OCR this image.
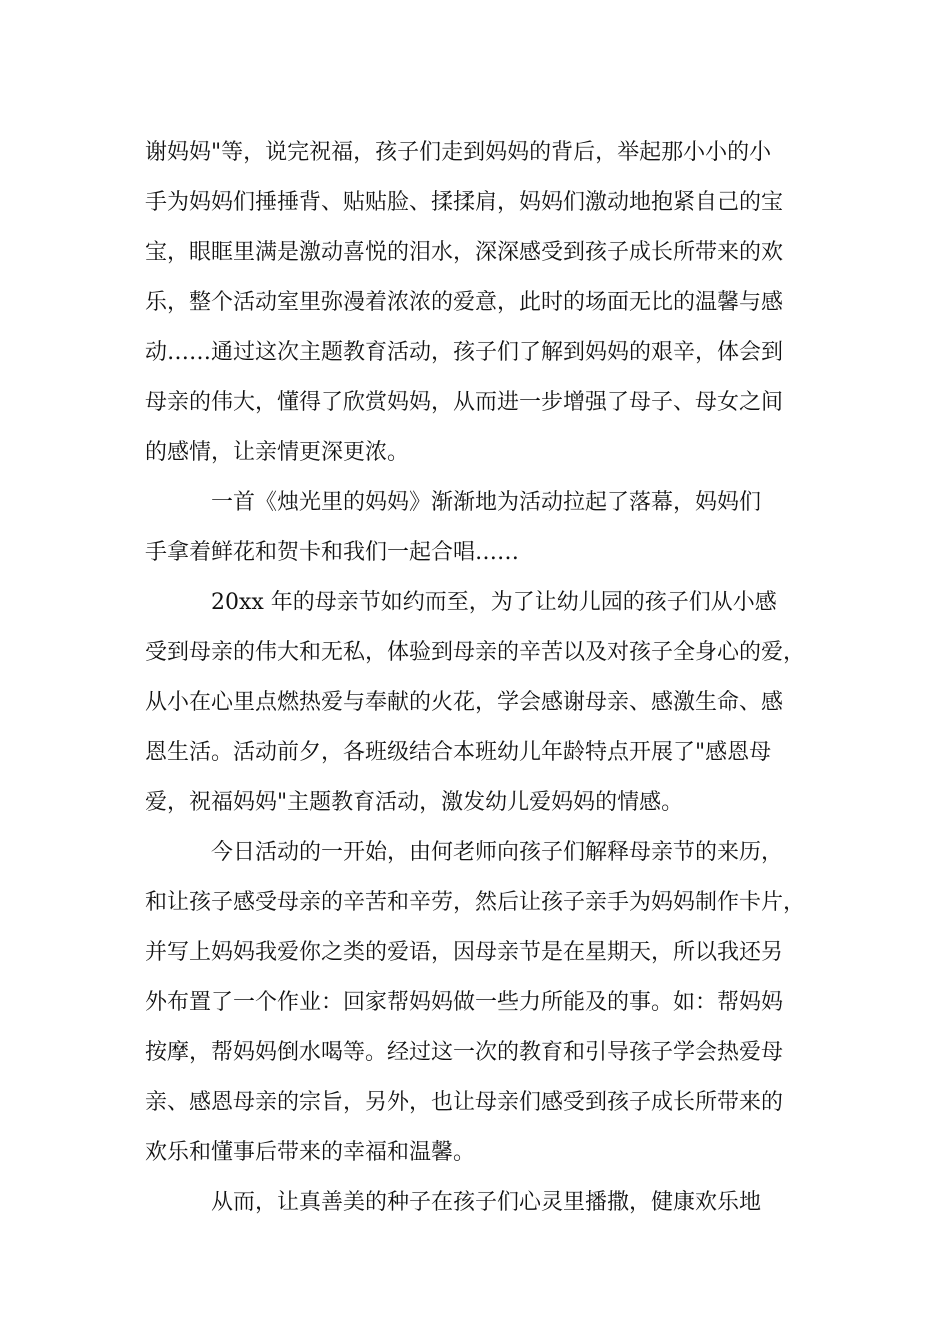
谢妈妈"等，说完祝福，孩子们走到妈妈的背后，举起那小小的小
手为妈妈们捶捶背、贴贴脸、揉揉肩，妈妈们激动地抱紧自己的宝
宝，眼眶里满是激动喜悦的泪水，深深感受到孩子成长所带来的欢
乐，整个活动室里弥漫着浓浓的爱意，此时的场面无比的温馨与感
动……通过这次主题教育活动，孩子们了解到妈妈的艰辛，体会到
母亲的伟大，懂得了欣赏妈妈，从而进一步增强了母子、母女之间
的感情，让亲情更深更浓。
　　　一首《烛光里的妈妈》渐渐地为活动拉起了落幕，妈妈们
手拿着鲜花和贺卡和我们一起合唱……
　　　20xx 年的母亲节如约而至，为了让幼儿园的孩子们从小感
受到母亲的伟大和无私，体验到母亲的辛苦以及对孩子全身心的爱，
从小在心里点燃热爱与奉献的火花，学会感谢母亲、感激生命、感
恩生活。活动前夕，各班级结合本班幼儿年龄特点开展了"感恩母
爱，祝福妈妈"主题教育活动，激发幼儿爱妈妈的情感。
　　　今日活动的一开始，由何老师向孩子们解释母亲节的来历，
和让孩子感受母亲的辛苦和辛劳，然后让孩子亲手为妈妈制作卡片，
并写上妈妈我爱你之类的爱语，因母亲节是在星期天，所以我还另
外布置了一个作业：回家帮妈妈做一些力所能及的事。如：帮妈妈
按摩，帮妈妈倒水喝等。经过这一次的教育和引导孩子学会热爱母
亲、感恩母亲的宗旨，另外，也让母亲们感受到孩子成长所带来的
欢乐和懂事后带来的幸福和温馨。
　　　从而，让真善美的种子在孩子们心灵里播撒，健康欢乐地
